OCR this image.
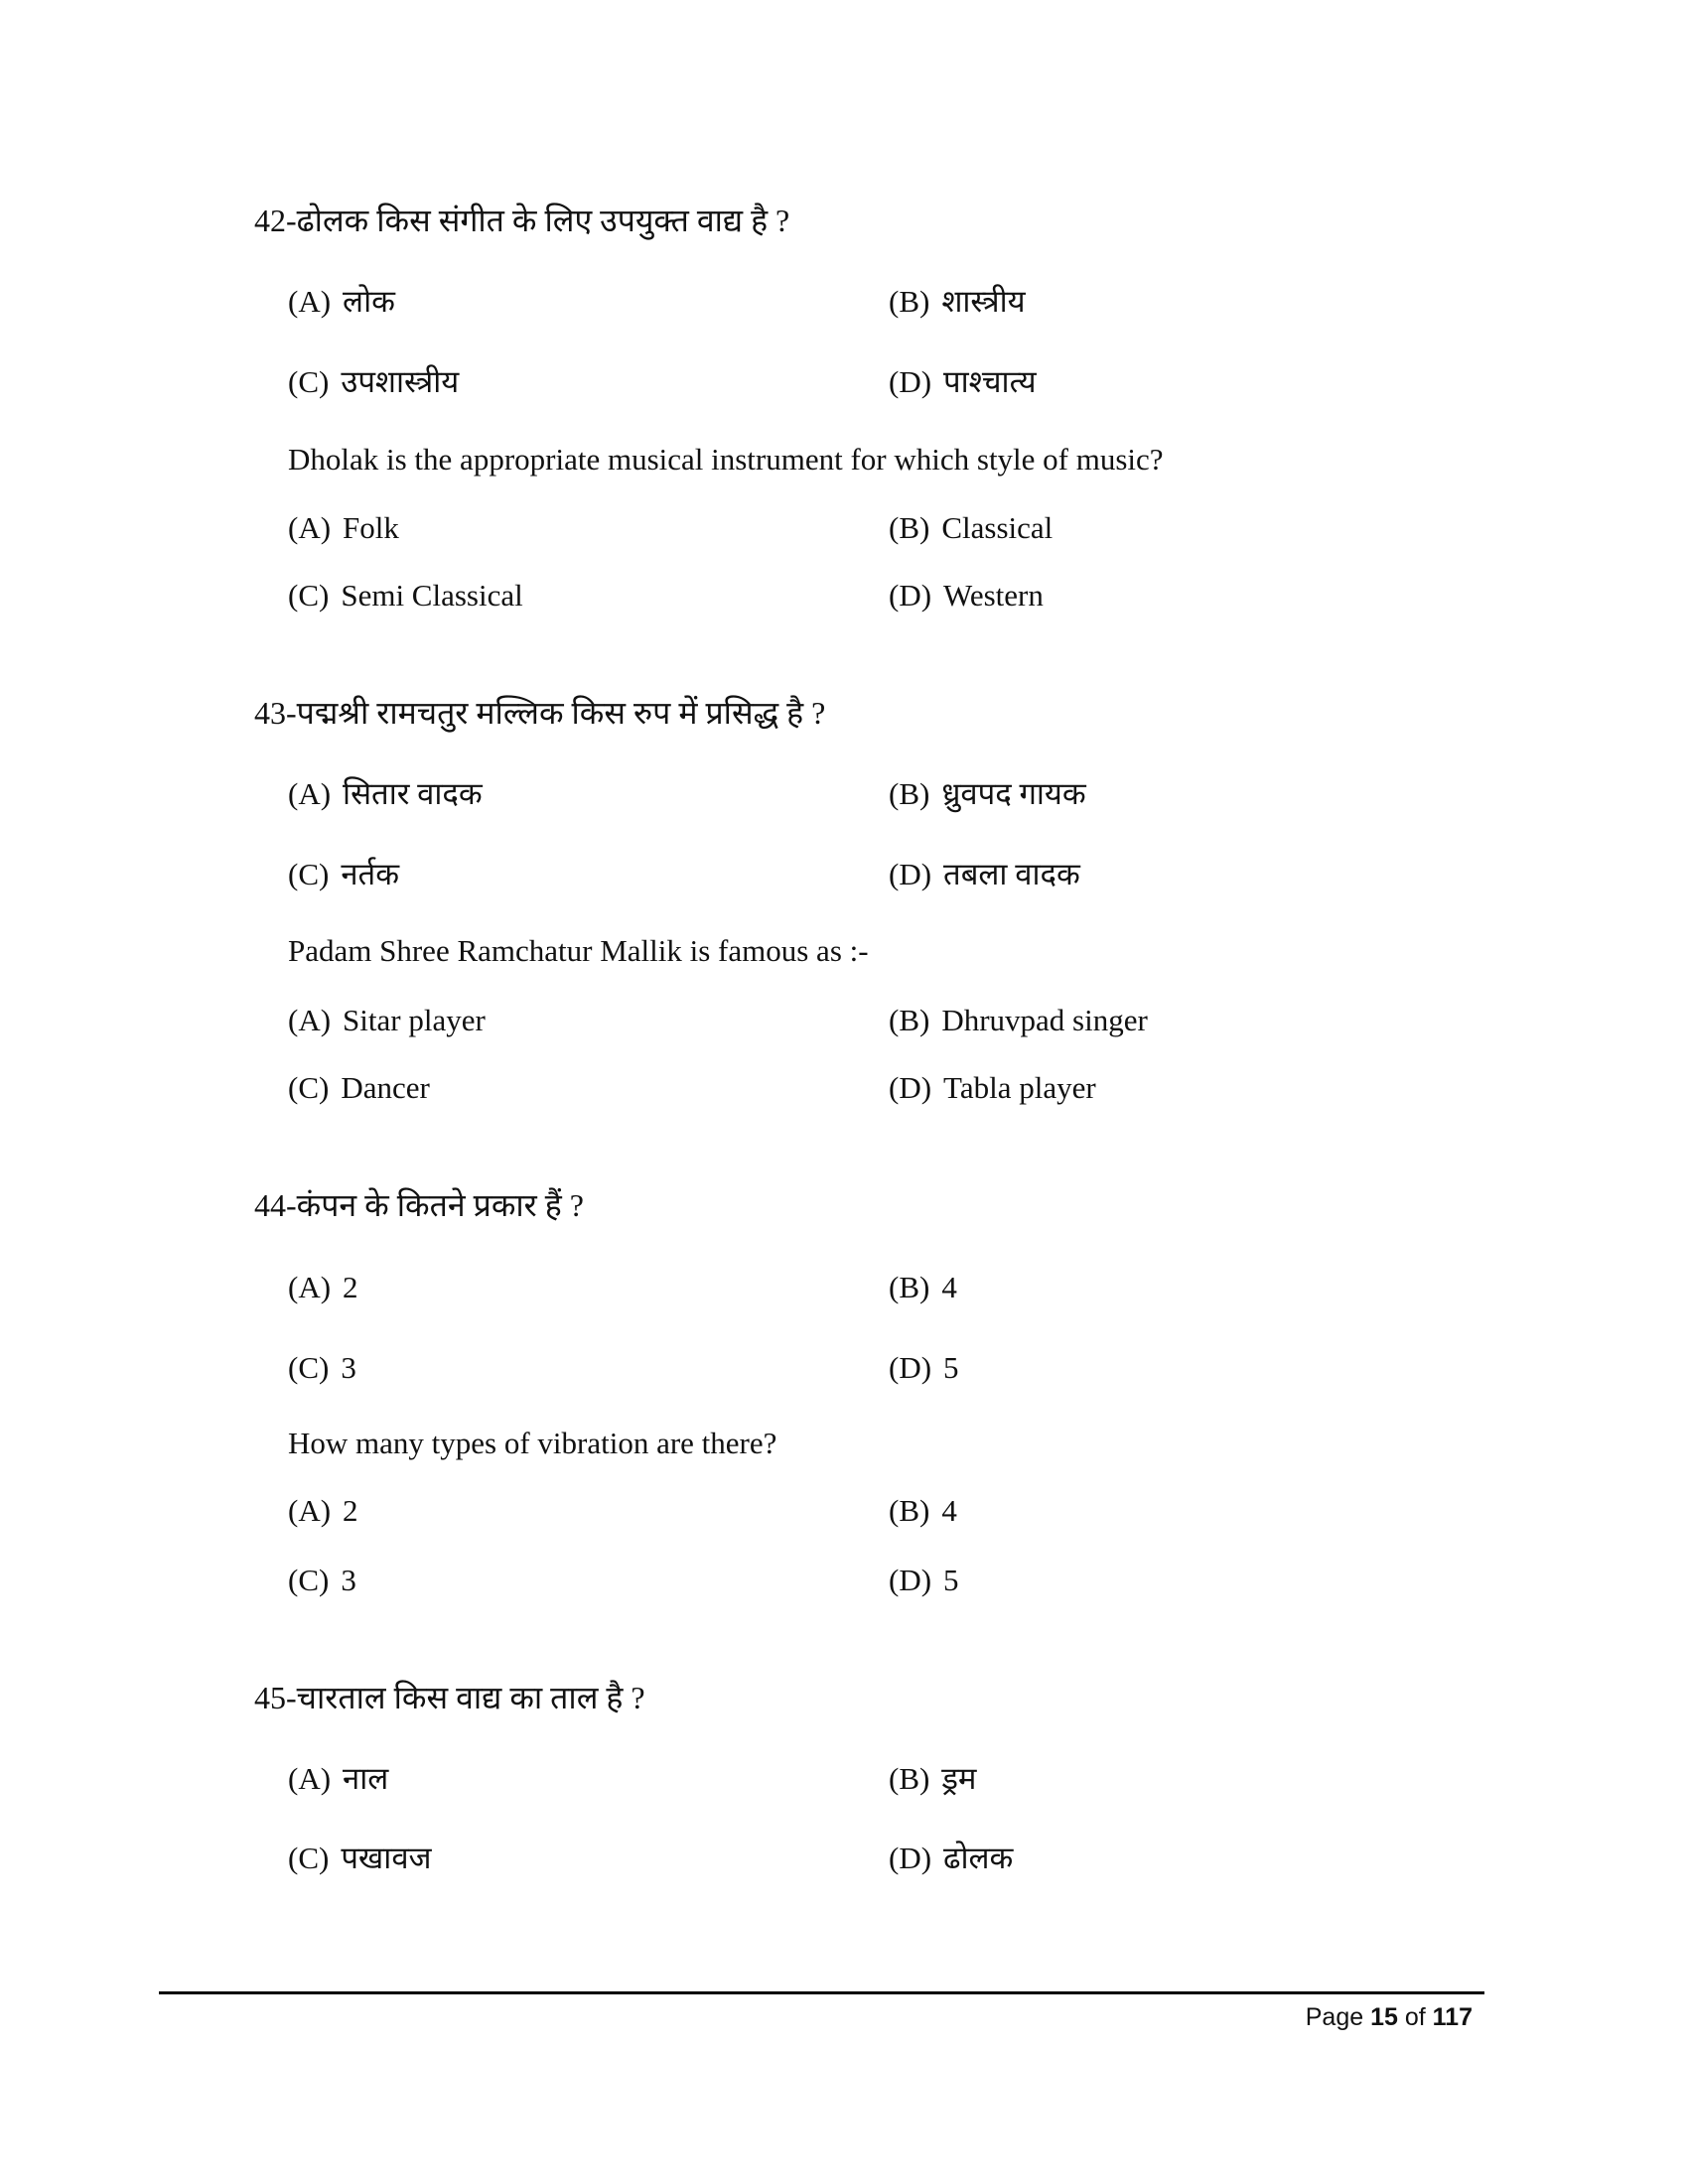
42-ढोलक किस संगीत के लिए उपयुक्त वाद्य है ?
(A) लोक	(B) शास्त्रीय
(C) उपशास्त्रीय	(D) पाश्चात्य
Dholak is the appropriate musical instrument for which style of music?
(A) Folk	(B) Classical
(C) Semi Classical	(D) Western
43-पद्मश्री रामचतुर मल्लिक किस रुप में प्रसिद्ध है ?
(A) सितार वादक	(B) ध्रुवपद गायक
(C) नर्तक	(D) तबला वादक
Padam Shree Ramchatur Mallik is famous as :-
(A) Sitar player	(B) Dhruvpad singer
(C) Dancer	(D) Tabla player
44-कंपन के कितने प्रकार हैं ?
(A) 2	(B) 4
(C) 3	(D) 5
How many types of vibration are there?
(A) 2	(B) 4
(C) 3	(D) 5
45-चारताल किस वाद्य का ताल है ?
(A) नाल	(B) ड्रम
(C) पखावज	(D) ढोलक
Page 15 of 117
